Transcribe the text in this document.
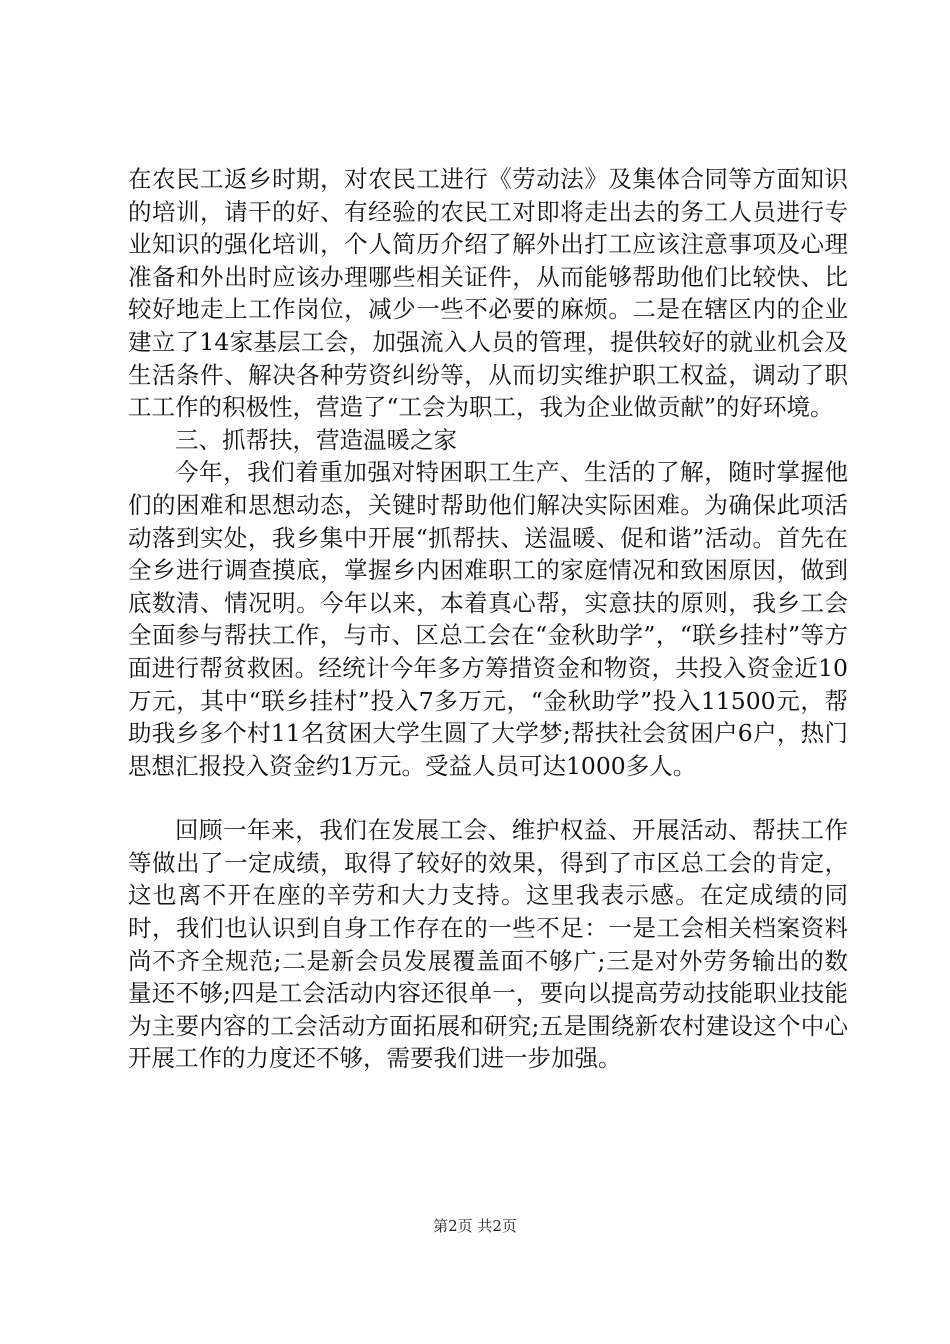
在农民工返乡时期，对农民工进行《劳动法》及集体合同等方面知识的培训，请干的好、有经验的农民工对即将走出去的务工人员进行专业知识的强化培训，个人简历介绍了解外出打工应该注意事项及心理准备和外出时应该办理哪些相关证件，从而能够帮助他们比较快、比较好地走上工作岗位，减少一些不必要的麻烦。二是在辖区内的企业建立了14家基层工会，加强流入人员的管理，提供较好的就业机会及生活条件、解决各种劳资纠纷等，从而切实维护职工权益，调动了职工工作的积极性，营造了“工会为职工，我为企业做贡献”的好环境。

三、抓帮扶，营造温暖之家

今年，我们着重加强对特困职工生产、生活的了解，随时掌握他们的困难和思想动态，关键时帮助他们解决实际困难。为确保此项活动落到实处，我乡集中开展“抓帮扶、送温暖、促和谐”活动。首先在全乡进行调查摸底，掌握乡内困难职工的家庭情况和致困原因，做到底数清、情况明。今年以来，本着真心帮，实意扶的原则，我乡工会全面参与帮扶工作，与市、区总工会在“金秋助学”，“联乡挂村”等方面进行帮贫救困。经统计今年多方筹措资金和物资，共投入资金近10万元，其中“联乡挂村”投入7多万元，“金秋助学”投入11500元，帮助我乡多个村11名贫困大学生圆了大学梦;帮扶社会贫困户6户，热门思想汇报投入资金约1万元。受益人员可达1000多人。

回顾一年来，我们在发展工会、维护权益、开展活动、帮扶工作等做出了一定成绩，取得了较好的效果，得到了市区总工会的肯定，这也离不开在座的辛劳和大力支持。这里我表示感。在定成绩的同时，我们也认识到自身工作存在的一些不足：一是工会相关档案资料尚不齐全规范;二是新会员发展覆盖面不够广;三是对外劳务输出的数量还不够;四是工会活动内容还很单一，要向以提高劳动技能职业技能为主要内容的工会活动方面拓展和研究;五是围绕新农村建设这个中心开展工作的力度还不够，需要我们进一步加强。

第2页 共2页
